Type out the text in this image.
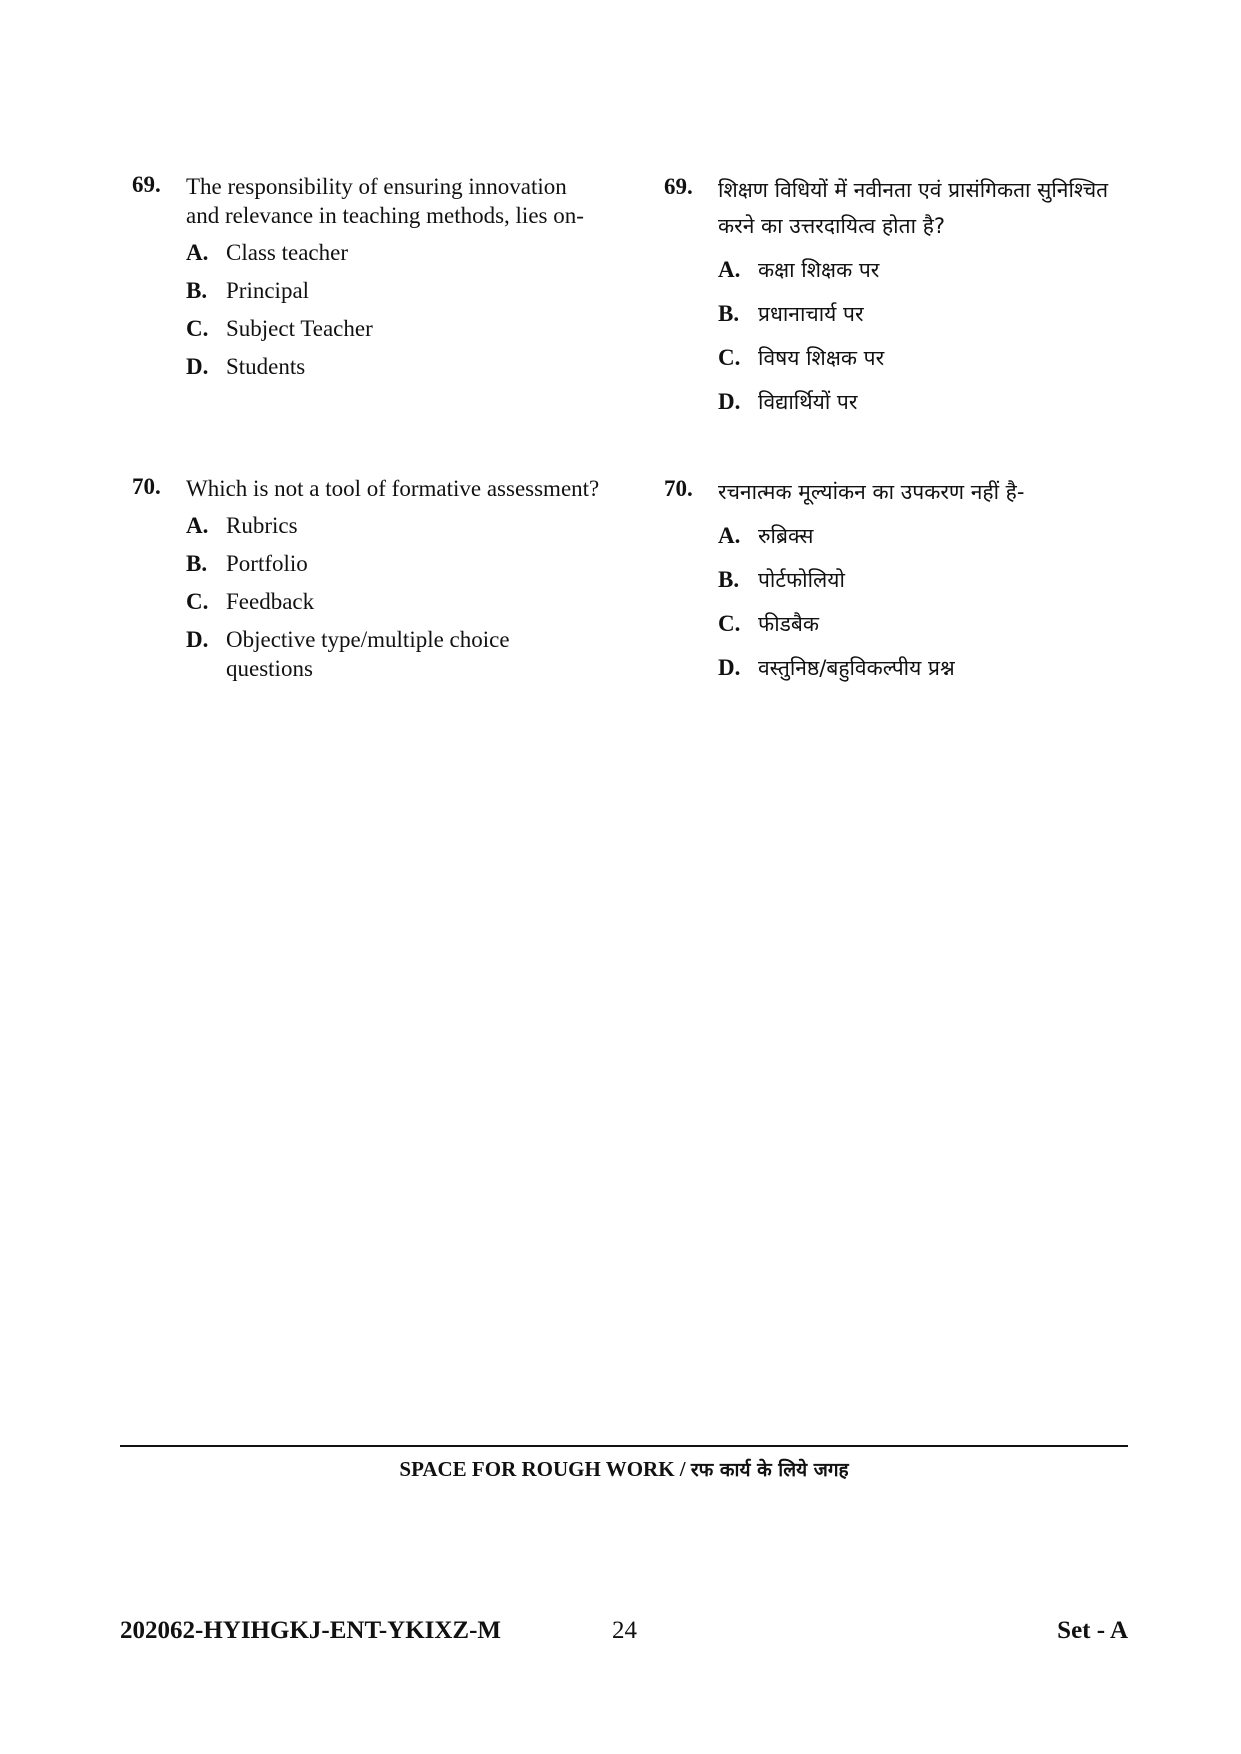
69. The responsibility of ensuring innovation and relevance in teaching methods, lies on-
A. Class teacher
B. Principal
C. Subject Teacher
D. Students
70. Which is not a tool of formative assessment?
A. Rubrics
B. Portfolio
C. Feedback
D. Objective type/multiple choice questions
69. शिक्षण विधियों में नवीनता एवं प्रासंगिकता सुनिश्चित करने का उत्तरदायित्व होता है?
A. कक्षा शिक्षक पर
B. प्रधानाचार्य पर
C. विषय शिक्षक पर
D. विद्यार्थियों पर
70. रचनात्मक मूल्यांकन का उपकरण नहीं है-
A. रुब्रिक्स
B. पोर्टफोलियो
C. फीडबैक
D. वस्तुनिष्ठ/बहुविकल्पीय प्रश्न
SPACE FOR ROUGH WORK / रफ कार्य के लिये जगह
202062-HYIHGKJ-ENT-YKIXZ-M	24	Set - A
